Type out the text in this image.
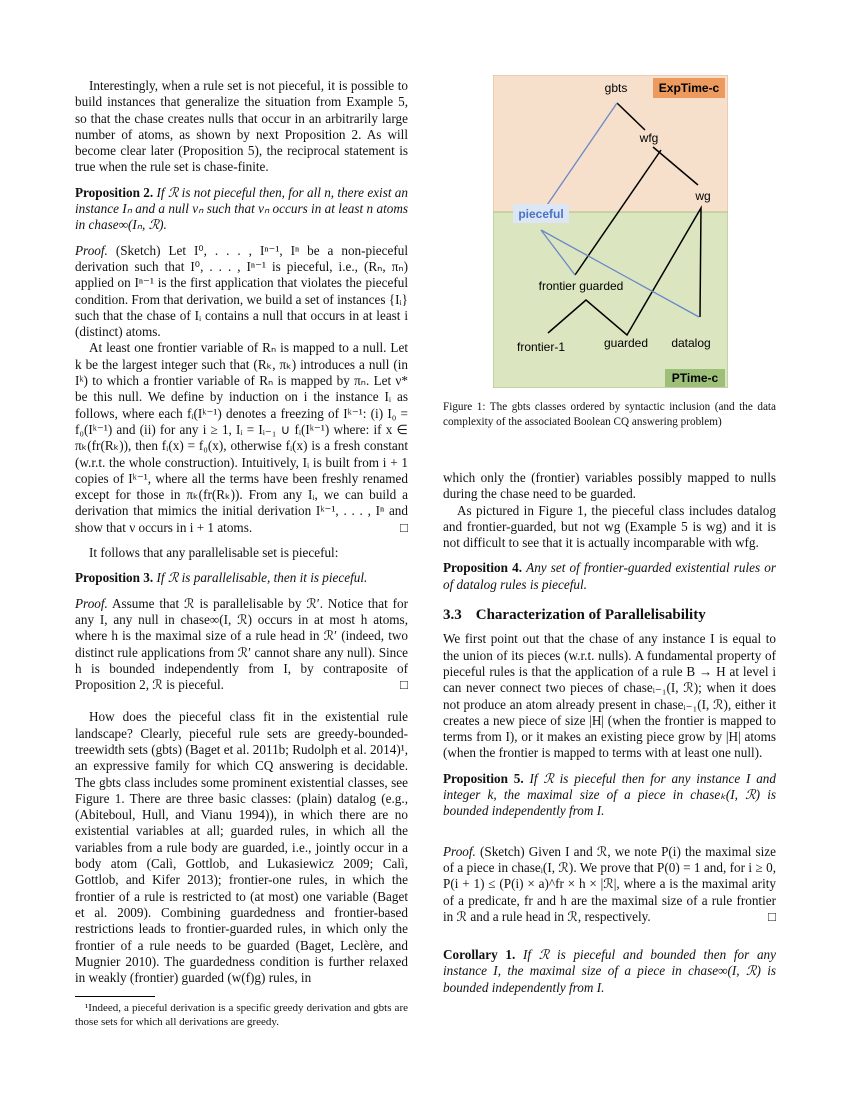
Interestingly, when a rule set is not pieceful, it is possible to build instances that generalize the situation from Example 5, so that the chase creates nulls that occur in an arbitrarily large number of atoms, as shown by next Proposition 2. As will become clear later (Proposition 5), the reciprocal statement is true when the rule set is chase-finite.

Proposition 2. If ℛ is not pieceful then, for all n, there exist an instance Iₙ and a null νₙ such that νₙ occurs in at least n atoms in chase∞(Iₙ, ℛ).

Proof. (Sketch) Let I⁰, . . . , Iⁿ⁻¹, Iⁿ be a non-pieceful derivation such that I⁰, . . . , Iⁿ⁻¹ is pieceful, i.e., (Rₙ, πₙ) applied on Iⁿ⁻¹ is the first application that violates the pieceful condition. From that derivation, we build a set of instances {Iᵢ} such that the chase of Iᵢ contains a null that occurs in at least i (distinct) atoms.

At least one frontier variable of Rₙ is mapped to a null. Let k be the largest integer such that (Rₖ, πₖ) introduces a null (in Iᵏ) to which a frontier variable of Rₙ is mapped by πₙ. Let ν* be this null. We define by induction on i the instance Iᵢ as follows, where each fᵢ(Iᵏ⁻¹) denotes a freezing of Iᵏ⁻¹: (i) I₀ = f₀(Iᵏ⁻¹) and (ii) for any i ≥ 1, Iᵢ = Iᵢ₋₁ ∪ fᵢ(Iᵏ⁻¹) where: if x ∈ πₖ(fr(Rₖ)), then fᵢ(x) = f₀(x), otherwise fᵢ(x) is a fresh constant (w.r.t. the whole construction). Intuitively, Iᵢ is built from i + 1 copies of Iᵏ⁻¹, where all the terms have been freshly renamed except for those in πₖ(fr(Rₖ)). From any Iᵢ, we can build a derivation that mimics the initial derivation Iᵏ⁻¹, . . . , Iⁿ and show that ν occurs in i + 1 atoms.	□

It follows that any parallelisable set is pieceful:

Proposition 3. If ℛ is parallelisable, then it is pieceful.

Proof. Assume that ℛ is parallelisable by ℛ′. Notice that for any I, any null in chase∞(I, ℛ) occurs in at most h atoms, where h is the maximal size of a rule head in ℛ′ (indeed, two distinct rule applications from ℛ′ cannot share any null). Since h is bounded independently from I, by contraposite of Proposition 2, ℛ is pieceful.	□

How does the pieceful class fit in the existential rule landscape? Clearly, pieceful rule sets are greedy-bounded-treewidth sets (gbts) (Baget et al. 2011b; Rudolph et al. 2014)¹, an expressive family for which CQ answering is decidable. The gbts class includes some prominent existential classes, see Figure 1. There are three basic classes: (plain) datalog (e.g., (Abiteboul, Hull, and Vianu 1994)), in which there are no existential variables at all; guarded rules, in which all the variables from a rule body are guarded, i.e., jointly occur in a body atom (Calì, Gottlob, and Lukasiewicz 2009; Calì, Gottlob, and Kifer 2013); frontier-one rules, in which the frontier of a rule is restricted to (at most) one variable (Baget et al. 2009). Combining guardedness and frontier-based restrictions leads to frontier-guarded rules, in which only the frontier of a rule needs to be guarded (Baget, Leclère, and Mugnier 2010). The guardedness condition is further relaxed in weakly (frontier) guarded (w(f)g) rules, in

¹Indeed, a pieceful derivation is a specific greedy derivation and gbts are those sets for which all derivations are greedy.

ExpTime-c
PTime-c
gbts
wfg
wg
pieceful
frontier guarded
frontier-1	guarded datalog
Figure 1: The gbts classes ordered by syntactic inclusion (and the data complexity of the associated Boolean CQ answering problem)

which only the (frontier) variables possibly mapped to nulls during the chase need to be guarded.

As pictured in Figure 1, the pieceful class includes datalog and frontier-guarded, but not wg (Example 5 is wg) and it is not difficult to see that it is actually incomparable with wfg.

Proposition 4. Any set of frontier-guarded existential rules or of datalog rules is pieceful.

3.3 Characterization of Parallelisability

We first point out that the chase of any instance I is equal to the union of its pieces (w.r.t. nulls). A fundamental property of pieceful rules is that the application of a rule B → H at level i can never connect two pieces of chaseᵢ₋₁(I, ℛ); when it does not produce an atom already present in chaseᵢ₋₁(I, ℛ), either it creates a new piece of size |H| (when the frontier is mapped to terms from I), or it makes an existing piece grow by |H| atoms (when the frontier is mapped to terms with at least one null).

Proposition 5. If ℛ is pieceful then for any instance I and integer k, the maximal size of a piece in chaseₖ(I, ℛ) is bounded independently from I.

Proof. (Sketch) Given I and ℛ, we note P(i) the maximal size of a piece in chaseᵢ(I, ℛ). We prove that P(0) = 1 and, for i ≥ 0, P(i + 1) ≤ (P(i) × a)^fr × h × |ℛ|, where a is the maximal arity of a predicate, fr and h are the maximal size of a rule frontier in ℛ and a rule head in ℛ, respectively.	□

Corollary 1. If ℛ is pieceful and bounded then for any instance I, the maximal size of a piece in chase∞(I, ℛ) is bounded independently from I.
